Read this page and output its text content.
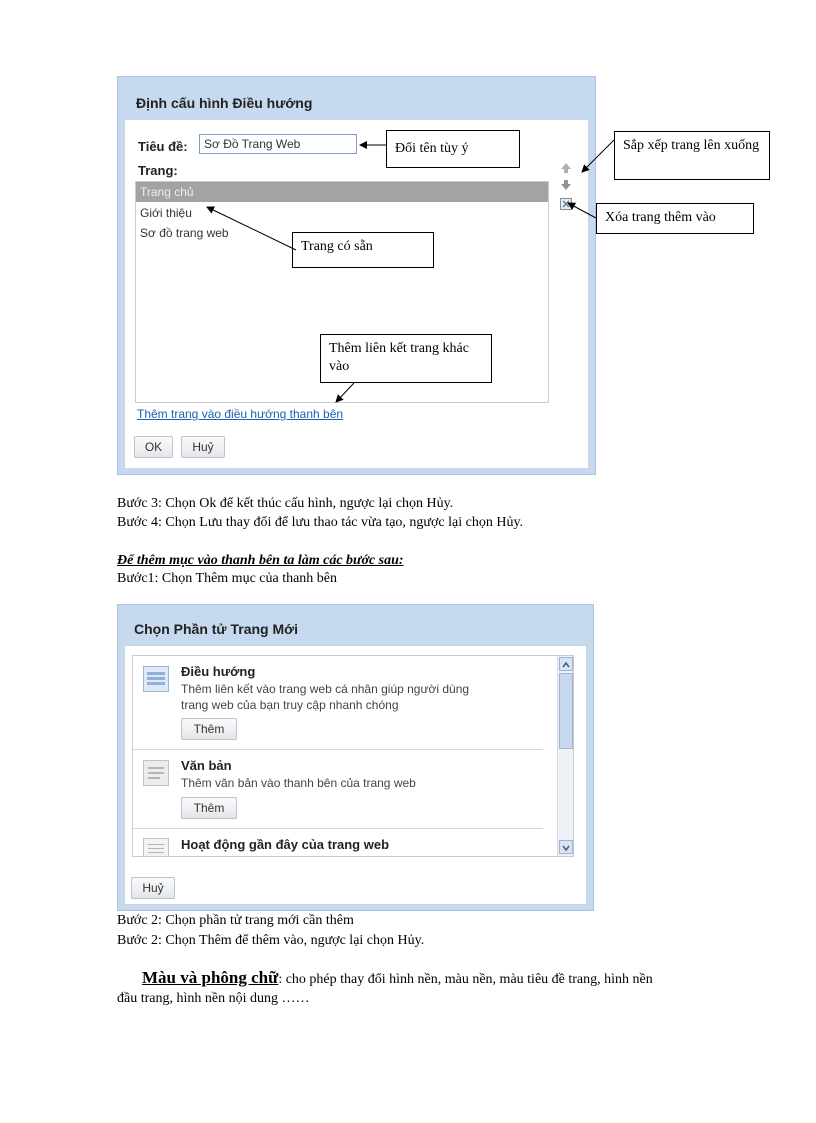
Định cấu hình Điều hướng
Tiêu đề:	Sơ Đồ Trang Web
Trang:
Trang chủ
Giới thiệu
Sơ đồ trang web
Thêm trang vào điều hướng thanh bên
OK	Huỷ
Đổi tên tùy ý	Sắp xếp trang lên xuống
Xóa trang thêm vào
Trang có sẵn
Thêm liên kết trang khác vào
Bước 3: Chọn Ok để kết thúc cấu hình, ngược lại chọn Hủy.
Bước 4: Chọn Lưu thay đổi để lưu thao tác vừa tạo, ngược lại chọn Hủy.
Để thêm mục vào thanh bên ta làm các bước sau:
Bước1: Chọn Thêm mục của thanh bên
Chọn Phần tử Trang Mới
Điều hướng
Thêm liên kết vào trang web cá nhân giúp người dùng
trang web của bạn truy cập nhanh chóng
Thêm
Văn bản
Thêm văn bản vào thanh bên của trang web
Thêm
Hoạt động gần đây của trang web
Huỷ
Bước 2: Chọn phần tử trang mới cần thêm
Bước 2: Chọn Thêm để thêm vào, ngược lại chọn Hủy.
Màu và phông chữ: cho phép thay đổi hình nền, màu nền, màu tiêu đề trang, hình nền
đầu trang, hình nền nội dung ……
